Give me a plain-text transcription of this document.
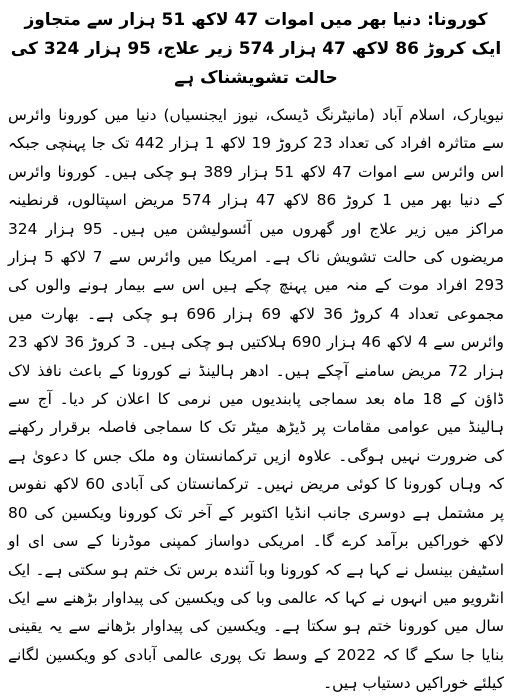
کورونا: دنیا بھر میں اموات 47 لاکھ 51 ہزار سے متجاوز
ایک کروڑ 86 لاکھ 47 ہزار 574 زیر علاج، 95 ہزار 324 کی حالت تشویشناک ہے

نیویارک، اسلام آباد (مانیٹرنگ ڈیسک، نیوز ایجنسیاں) دنیا میں کورونا وائرس سے متاثرہ افراد کی تعداد 23 کروڑ 19 لاکھ 1 ہزار 442 تک جا پہنچی جبکہ اس وائرس سے اموات 47 لاکھ 51 ہزار 389 ہو چکی ہیں۔ کورونا وائرس کے دنیا بھر میں 1 کروڑ 86 لاکھ 47 ہزار 574 مریض اسپتالوں، قرنطینہ مراکز میں زیر علاج اور گھروں میں آئسولیشن میں ہیں۔ 95 ہزار 324 مریضوں کی حالت تشویش ناک ہے۔ امریکا میں وائرس سے 7 لاکھ 5 ہزار 293 افراد موت کے منہ میں پہنچ چکے ہیں اس سے بیمار ہونے والوں کی مجموعی تعداد 4 کروڑ 36 لاکھ 69 ہزار 696 ہو چکی ہے۔ بھارت میں وائرس سے 4 لاکھ 46 ہزار 690 ہلاکتیں ہو چکی ہیں۔ 3 کروڑ 36 لاکھ 23 ہزار 72 مریض سامنے آچکے ہیں۔ ادھر ہالینڈ نے کورونا کے باعث نافذ لاک ڈاؤن کے 18 ماہ بعد سماجی پابندیوں میں نرمی کا اعلان کر دیا۔ آج سے ہالینڈ میں عوامی مقامات پر ڈیڑھ میٹر تک کا سماجی فاصلہ برقرار رکھنے کی ضرورت نہیں ہوگی۔ علاوہ ازیں ترکمانستان وہ ملک جس کا دعویٰ ہے کہ وہاں کورونا کا کوئی مریض نہیں۔ ترکمانستان کی آبادی 60 لاکھ نفوس پر مشتمل ہے دوسری جانب انڈیا اکتوبر کے آخر تک کورونا ویکسین کی 80 لاکھ خوراکیں برآمد کرے گا۔ امریکی دواساز کمپنی موڈرنا کے سی ای او اسٹیفن بینسل نے کہا ہے کہ کورونا وبا آئندہ برس تک ختم ہو سکتی ہے۔ ایک انٹرویو میں انہوں نے کہا کہ عالمی وبا کی ویکسین کی پیداوار بڑھنے سے ایک سال میں کورونا ختم ہو سکتا ہے۔ ویکسین کی پیداوار بڑھانے سے یہ یقینی بنایا جا سکے گا کہ 2022 کے وسط تک پوری عالمی آبادی کو ویکسین لگانے کیلئے خوراکیں دستیاب ہیں۔
